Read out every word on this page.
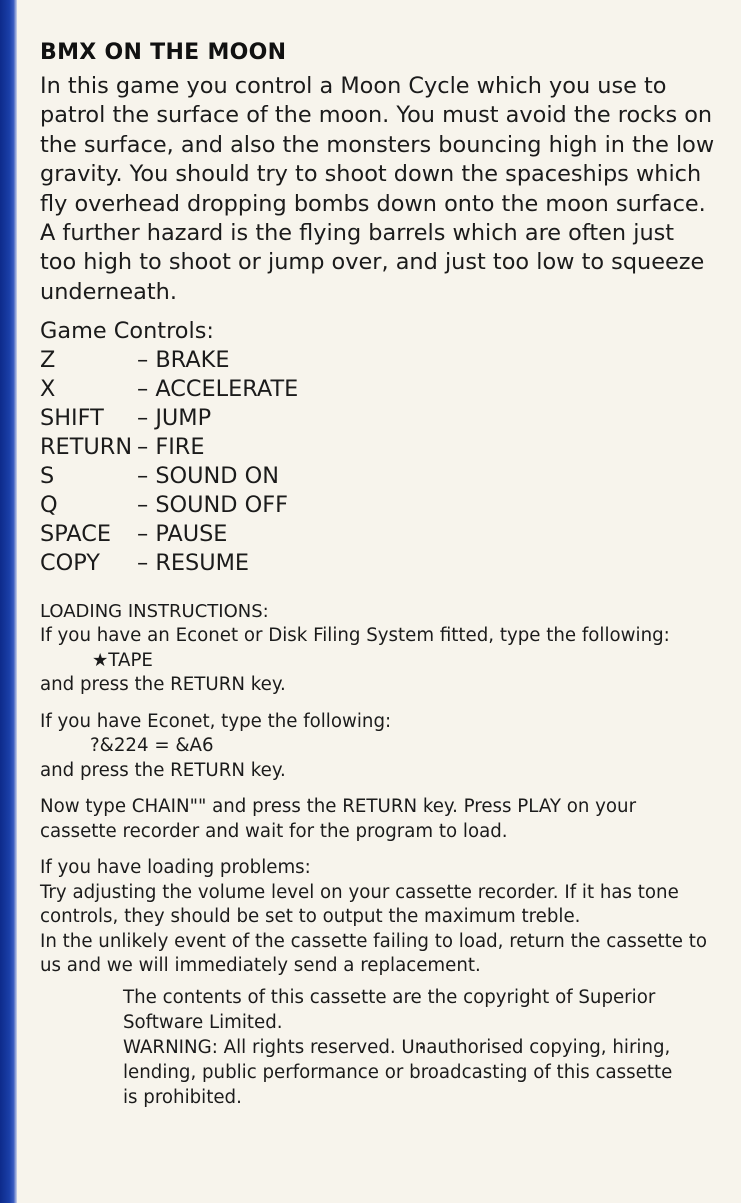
BMX ON THE MOON

In this game you control a Moon Cycle which you use to patrol the surface of the moon. You must avoid the rocks on the surface, and also the monsters bouncing high in the low gravity. You should try to shoot down the spaceships which fly overhead dropping bombs down onto the moon surface. A further hazard is the flying barrels which are often just too high to shoot or jump over, and just too low to squeeze underneath.

Game Controls:
Z	– BRAKE
X	– ACCELERATE
SHIFT	– JUMP
RETURN – FIRE
S	– SOUND ON
Q	– SOUND OFF
SPACE	– PAUSE
COPY	– RESUME
LOADING INSTRUCTIONS:

If you have an Econet or Disk Filing System fitted, type the following:

★TAPE

and press the RETURN key.

If you have Econet, type the following:

?&224 = &A6

and press the RETURN key.

Now type CHAIN"" and press the RETURN key. Press PLAY on your cassette recorder and wait for the program to load.

If you have loading problems:

Try adjusting the volume level on your cassette recorder. If it has tone controls, they should be set to output the maximum treble.

In the unlikely event of the cassette failing to load, return the cassette to us and we will immediately send a replacement.

The contents of this cassette are the copyright of Superior Software Limited.

WARNING: All rights reserved. Unauthorised copying, hiring, lending, public performance or broadcasting of this cassette is prohibited.
